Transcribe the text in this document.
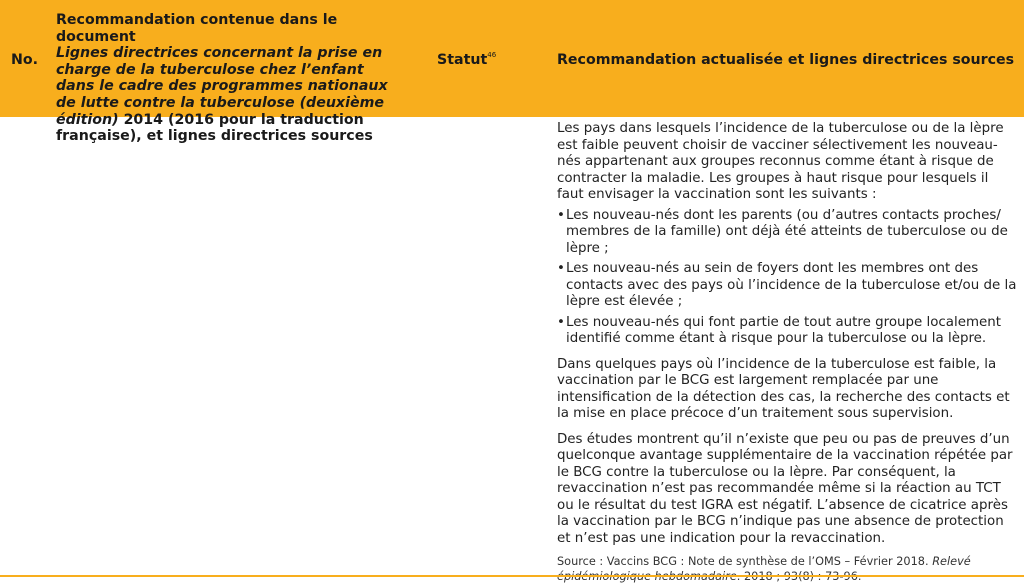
No.
Recommandation contenue dans le document
Lignes directrices concernant la prise en charge de la tuberculose chez l’enfant dans le cadre des programmes nationaux de lutte contre la tuberculose (deuxième édition) 2014 (2016 pour la traduction française), et lignes directrices sources
Statut$^{46}$	Recommandation actualisée et lignes directrices sources

Les pays dans lesquels l’incidence de la tuberculose ou de la lèpre est faible peuvent choisir de vacciner sélectivement les nouveau-nés appartenant aux groupes reconnus comme étant à risque de contracter la maladie. Les groupes à haut risque pour lesquels il faut envisager la vaccination sont les suivants :

• Les nouveau-nés dont les parents (ou d’autres contacts proches/ membres de la famille) ont déjà été atteints de tuberculose ou de lèpre ;
• Les nouveau-nés au sein de foyers dont les membres ont des contacts avec des pays où l’incidence de la tuberculose et/ou de la lèpre est élevée ;
• Les nouveau-nés qui font partie de tout autre groupe localement identifié comme étant à risque pour la tuberculose ou la lèpre.

Dans quelques pays où l’incidence de la tuberculose est faible, la vaccination par le BCG est largement remplacée par une intensification de la détection des cas, la recherche des contacts et la mise en place précoce d’un traitement sous supervision.

Des études montrent qu’il n’existe que peu ou pas de preuves d’un quelconque avantage supplémentaire de la vaccination répétée par le BCG contre la tuberculose ou la lèpre. Par conséquent, la revaccination n’est pas recommandée même si la réaction au TCT ou le résultat du test IGRA est négatif. L’absence de cicatrice après la vaccination par le BCG n’indique pas une absence de protection et n’est pas une indication pour la revaccination.

Source : Vaccins BCG : Note de synthèse de l’OMS – Février 2018. Relevé
